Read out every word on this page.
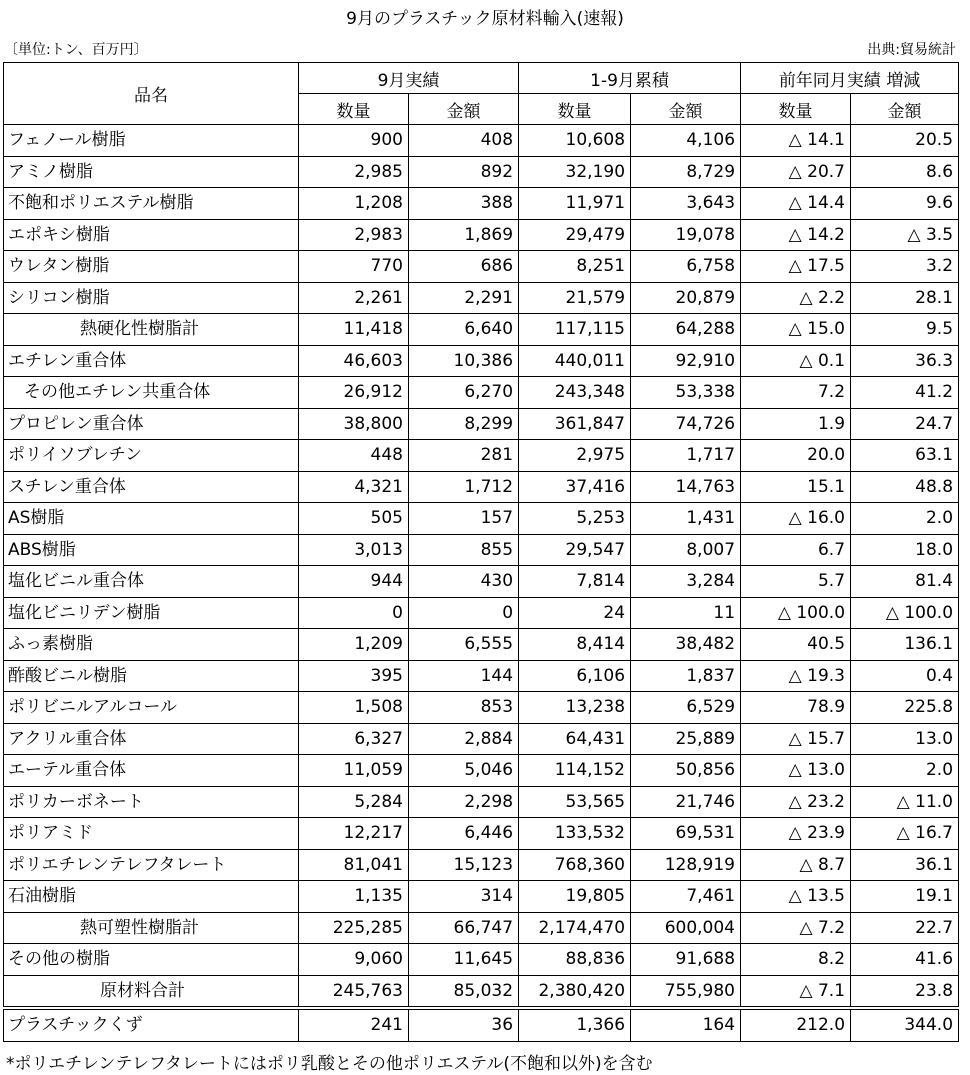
9月のプラスチック原材料輸入(速報)
〔単位:トン、百万円〕	出典:貿易統計
品名	9月実績		1-9月累積		前年同月実績 増減	
	数量	金額	数量	金額	数量	金額
フェノール樹脂	900	408	10,608	4,106	△ 14.1	20.5
アミノ樹脂	2,985	892	32,190	8,729	△ 20.7	8.6
不飽和ポリエステル樹脂	1,208	388	11,971	3,643	△ 14.4	9.6
エポキシ樹脂	2,983	1,869	29,479	19,078	△ 14.2	△ 3.5
ウレタン樹脂	770	686	8,251	6,758	△ 17.5	3.2
シリコン樹脂	2,261	2,291	21,579	20,879	△ 2.2	28.1
熱硬化性樹脂計	11,418	6,640	117,115	64,288	△ 15.0	9.5
エチレン重合体	46,603	10,386	440,011	92,910	△ 0.1	36.3
その他エチレン共重合体	26,912	6,270	243,348	53,338	7.2	41.2
プロピレン重合体	38,800	8,299	361,847	74,726	1.9	24.7
ポリイソブレチン	448	281	2,975	1,717	20.0	63.1
スチレン重合体	4,321	1,712	37,416	14,763	15.1	48.8
AS樹脂	505	157	5,253	1,431	△ 16.0	2.0
ABS樹脂	3,013	855	29,547	8,007	6.7	18.0
塩化ビニル重合体	944	430	7,814	3,284	5.7	81.4
塩化ビニリデン樹脂	0	0	24	11	△ 100.0	△ 100.0
ふっ素樹脂	1,209	6,555	8,414	38,482	40.5	136.1
酢酸ビニル樹脂	395	144	6,106	1,837	△ 19.3	0.4
ポリビニルアルコール	1,508	853	13,238	6,529	78.9	225.8
アクリル重合体	6,327	2,884	64,431	25,889	△ 15.7	13.0
エーテル重合体	11,059	5,046	114,152	50,856	△ 13.0	2.0
ポリカーボネート	5,284	2,298	53,565	21,746	△ 23.2	△ 11.0
ポリアミド	12,217	6,446	133,532	69,531	△ 23.9	△ 16.7
ポリエチレンテレフタレート	81,041	15,123	768,360	128,919	△ 8.7	36.1
石油樹脂	1,135	314	19,805	7,461	△ 13.5	19.1
熱可塑性樹脂計	225,285	66,747	2,174,470	600,004	△ 7.2	22.7
その他の樹脂	9,060	11,645	88,836	91,688	8.2	41.6
原材料合計	245,763	85,032	2,380,420	755,980	△ 7.1	23.8
プラスチックくず	241	36	1,366	164	212.0	344.0
*ポリエチレンテレフタレートにはポリ乳酸とその他ポリエステル(不飽和以外)を含む
